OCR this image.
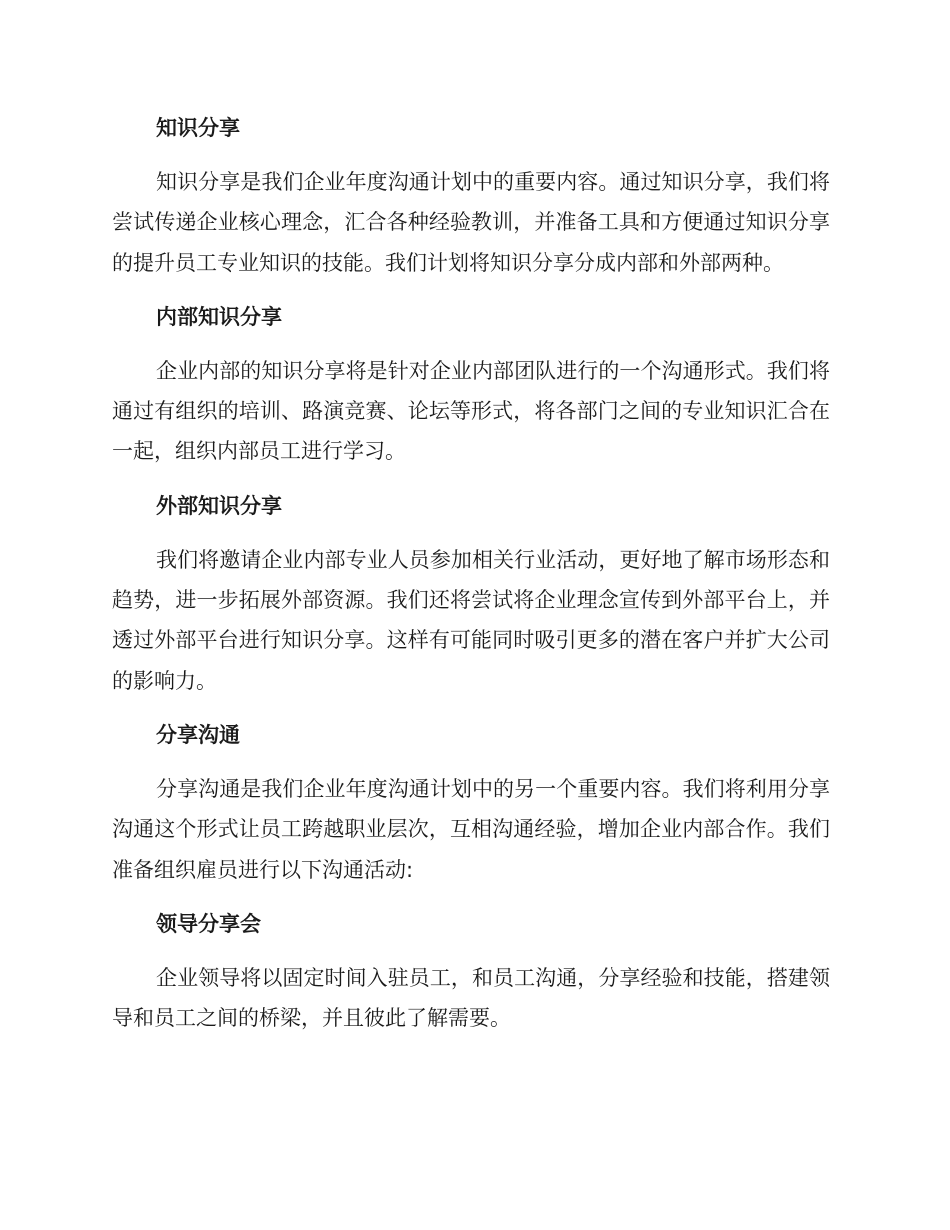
知识分享

知识分享是我们企业年度沟通计划中的重要内容。通过知识分享，我们将尝试传递企业核心理念，汇合各种经验教训，并准备工具和方便通过知识分享的提升员工专业知识的技能。我们计划将知识分享分成内部和外部两种。

内部知识分享

企业内部的知识分享将是针对企业内部团队进行的一个沟通形式。我们将通过有组织的培训、路演竞赛、论坛等形式，将各部门之间的专业知识汇合在一起，组织内部员工进行学习。

外部知识分享

我们将邀请企业内部专业人员参加相关行业活动，更好地了解市场形态和趋势，进一步拓展外部资源。我们还将尝试将企业理念宣传到外部平台上，并透过外部平台进行知识分享。这样有可能同时吸引更多的潜在客户并扩大公司的影响力。

分享沟通

分享沟通是我们企业年度沟通计划中的另一个重要内容。我们将利用分享沟通这个形式让员工跨越职业层次，互相沟通经验，增加企业内部合作。我们准备组织雇员进行以下沟通活动:

领导分享会

企业领导将以固定时间入驻员工，和员工沟通，分享经验和技能，搭建领导和员工之间的桥梁，并且彼此了解需要。
